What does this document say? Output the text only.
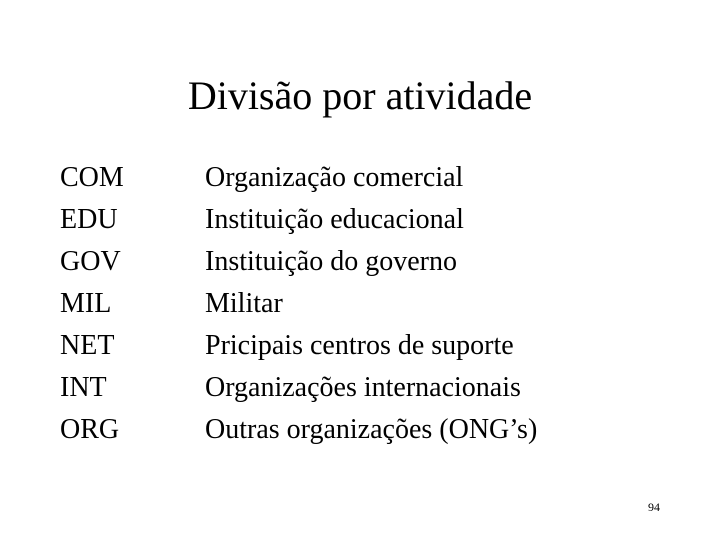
Divisão por atividade
COM	Organização comercial
EDU	Instituição educacional
GOV	Instituição do governo
MIL	Militar
NET	Pricipais centros de suporte
INT	Organizações internacionais
ORG	Outras organizações (ONG’s)
94
